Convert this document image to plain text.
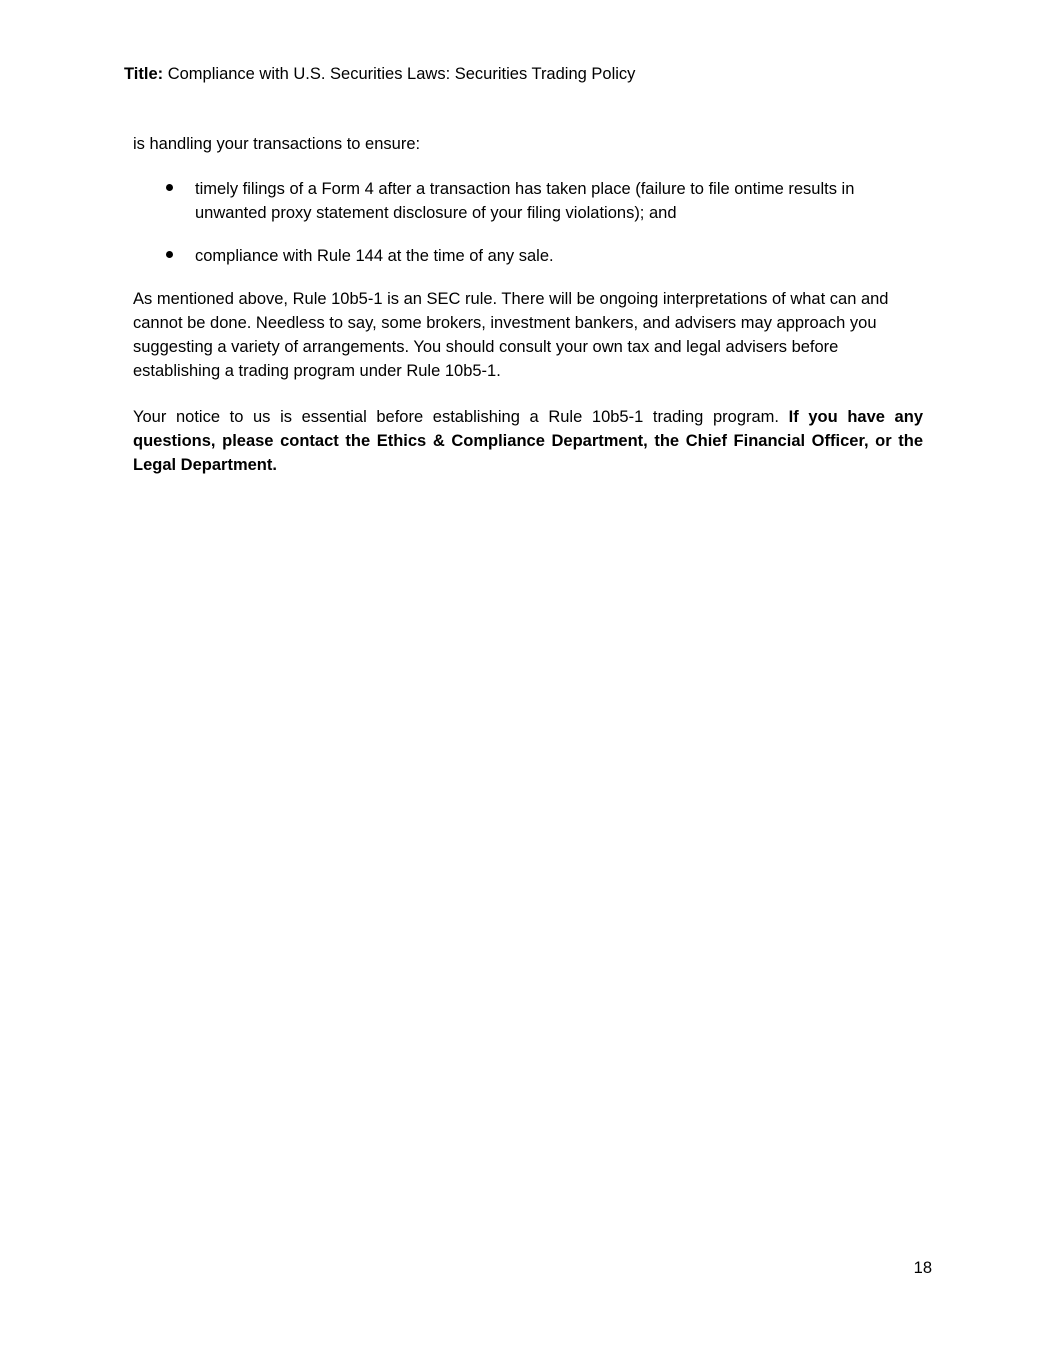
Title: Compliance with U.S. Securities Laws: Securities Trading Policy
is handling your transactions to ensure:
timely filings of a Form 4 after a transaction has taken place (failure to file ontime results in unwanted proxy statement disclosure of your filing violations); and
compliance with Rule 144 at the time of any sale.
As mentioned above, Rule 10b5-1 is an SEC rule. There will be ongoing interpretations of what can and cannot be done. Needless to say, some brokers, investment bankers, and advisers may approach you suggesting a variety of arrangements. You should consult your own tax and legal advisers before establishing a trading program under Rule 10b5-1.
Your notice to us is essential before establishing a Rule 10b5-1 trading program. If you have any questions, please contact the Ethics & Compliance Department, the Chief Financial Officer, or the Legal Department.
18
